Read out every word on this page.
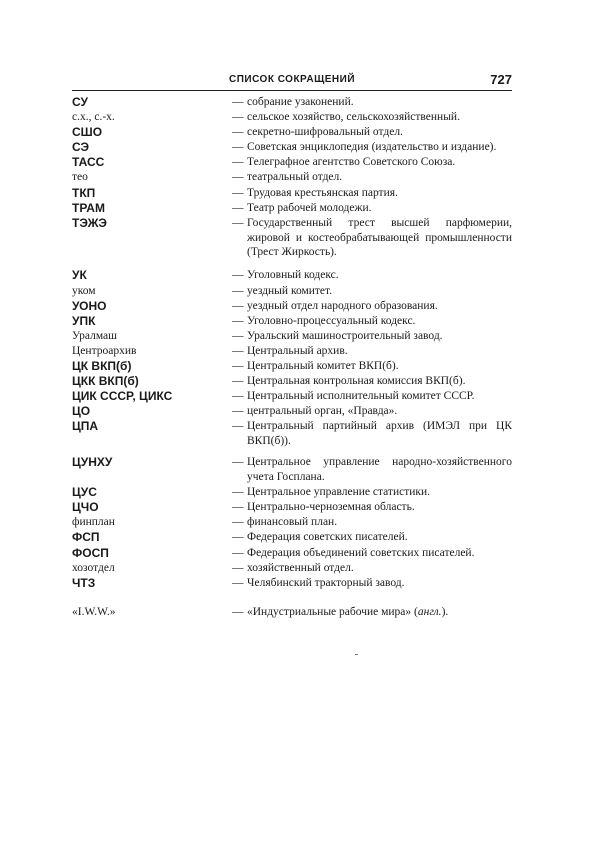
СПИСОК СОКРАЩЕНИЙ	727
СУ	— собрание узаконений.
с.х., с.-х.	— сельское хозяйство, сельскохозяйственный.
СШО	— секретно-шифровальный отдел.
СЭ	— Советская энциклопедия (издательство и издание).
ТАСС	— Телеграфное агентство Советского Союза.
тео	— театральный отдел.
ТКП	— Трудовая крестьянская партия.
ТРАМ	— Театр рабочей молодежи.
ТЭЖЭ	— Государственный трест высшей парфюмерии, жировой и костеобрабатывающей промышленности (Трест Жиркость).
УК	— Уголовный кодекс.
уком	— уездный комитет.
УОНО	— уездный отдел народного образования.
УПК	— Уголовно-процессуальный кодекс.
Уралмаш	— Уральский машиностроительный завод.
Центроархив	— Центральный архив.
ЦК ВКП(б)	— Центральный комитет ВКП(б).
ЦКК ВКП(б)	— Центральная контрольная комиссия ВКП(б).
ЦИК СССР, ЦИКС	— Центральный исполнительный комитет СССР.
ЦО	— центральный орган, «Правда».
ЦПА	— Центральный партийный архив (ИМЭЛ при ЦК ВКП(б)).
ЦУНХУ	— Центральное управление народно-хозяйственного учета Госплана.
ЦУС	— Центральное управление статистики.
ЦЧО	— Центрально-черноземная область.
финплан	— финансовый план.
ФСП	— Федерация советских писателей.
ФОСП	— Федерация объединений советских писателей.
хозотдел	— хозяйственный отдел.
ЧТЗ	— Челябинский тракторный завод.
«I.W.W.»	— «Индустриальные рабочие мира» (англ.).
